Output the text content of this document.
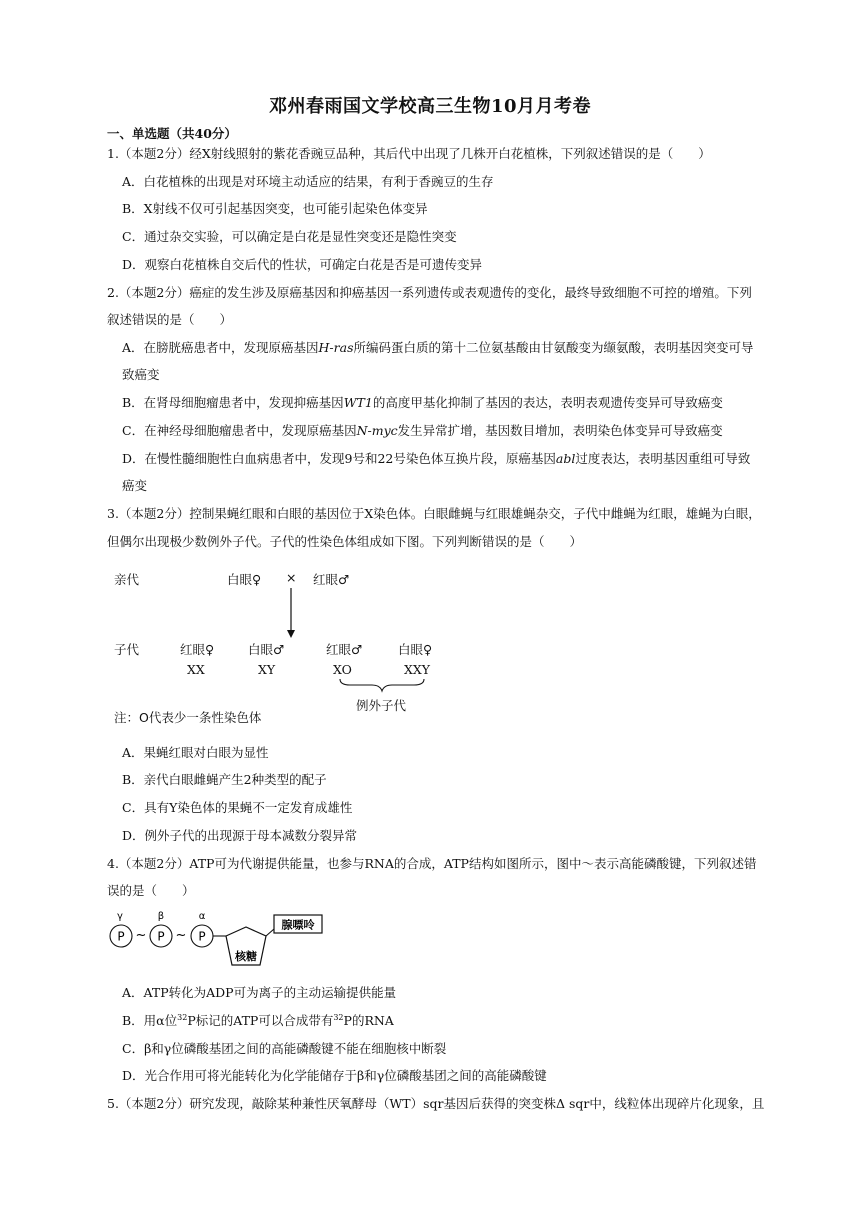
邓州春雨国文学校高三生物10月月考卷
一、单选题（共40分）
1.（本题2分）经X射线照射的紫花香豌豆品种，其后代中出现了几株开白花植株，下列叙述错误的是（　　）
A．白花植株的出现是对环境主动适应的结果，有利于香豌豆的生存
B．X射线不仅可引起基因突变，也可能引起染色体变异
C．通过杂交实验，可以确定是白花是显性突变还是隐性突变
D．观察白花植株自交后代的性状，可确定白花是否是可遗传变异
2.（本题2分）癌症的发生涉及原癌基因和抑癌基因一系列遗传或表观遗传的变化，最终导致细胞不可控的增殖。下列
叙述错误的是（　　）
A．在膀胱癌患者中，发现原癌基因H-ras所编码蛋白质的第十二位氨基酸由甘氨酸变为缬氨酸，表明基因突变可导
致癌变
B．在肾母细胞瘤患者中，发现抑癌基因WT1的高度甲基化抑制了基因的表达，表明表观遗传变异可导致癌变
C．在神经母细胞瘤患者中，发现原癌基因N-myc发生异常扩增，基因数目增加，表明染色体变异可导致癌变
D．在慢性髓细胞性白血病患者中，发现9号和22号染色体互换片段，原癌基因abl过度表达，表明基因重组可导致
癌变
3.（本题2分）控制果蝇红眼和白眼的基因位于X染色体。白眼雌蝇与红眼雄蝇杂交，子代中雌蝇为红眼，雄蝇为白眼，
但偶尔出现极少数例外子代。子代的性染色体组成如下图。下列判断错误的是（　　）
亲代	白眼♀ × 红眼♂
子代	红眼♀	白眼♂	红眼♂	白眼♀
XX	XY	XO	XXY
例外子代
注：O代表少一条性染色体
A．果蝇红眼对白眼为显性
B．亲代白眼雌蝇产生2种类型的配子
C．具有Y染色体的果蝇不一定发育成雄性
D．例外子代的出现源于母本减数分裂异常
4.（本题2分）ATP可为代谢提供能量，也参与RNA的合成，ATP结构如图所示，图中～表示高能磷酸键，下列叙述错
误的是（　　）
γ	β	α
P ~ P ~ P
核糖
腺嘌呤
A．ATP转化为ADP可为离子的主动运输提供能量
B．用α位$^{32}$P标记的ATP可以合成带有$^{32}$P的RNA
C．β和γ位磷酸基团之间的高能磷酸键不能在细胞核中断裂
D．光合作用可将光能转化为化学能储存于β和γ位磷酸基团之间的高能磷酸键
5.（本题2分）研究发现，敲除某种兼性厌氧酵母（WT）sqr基因后获得的突变株Δ sqr中，线粒体出现碎片化现象，且
